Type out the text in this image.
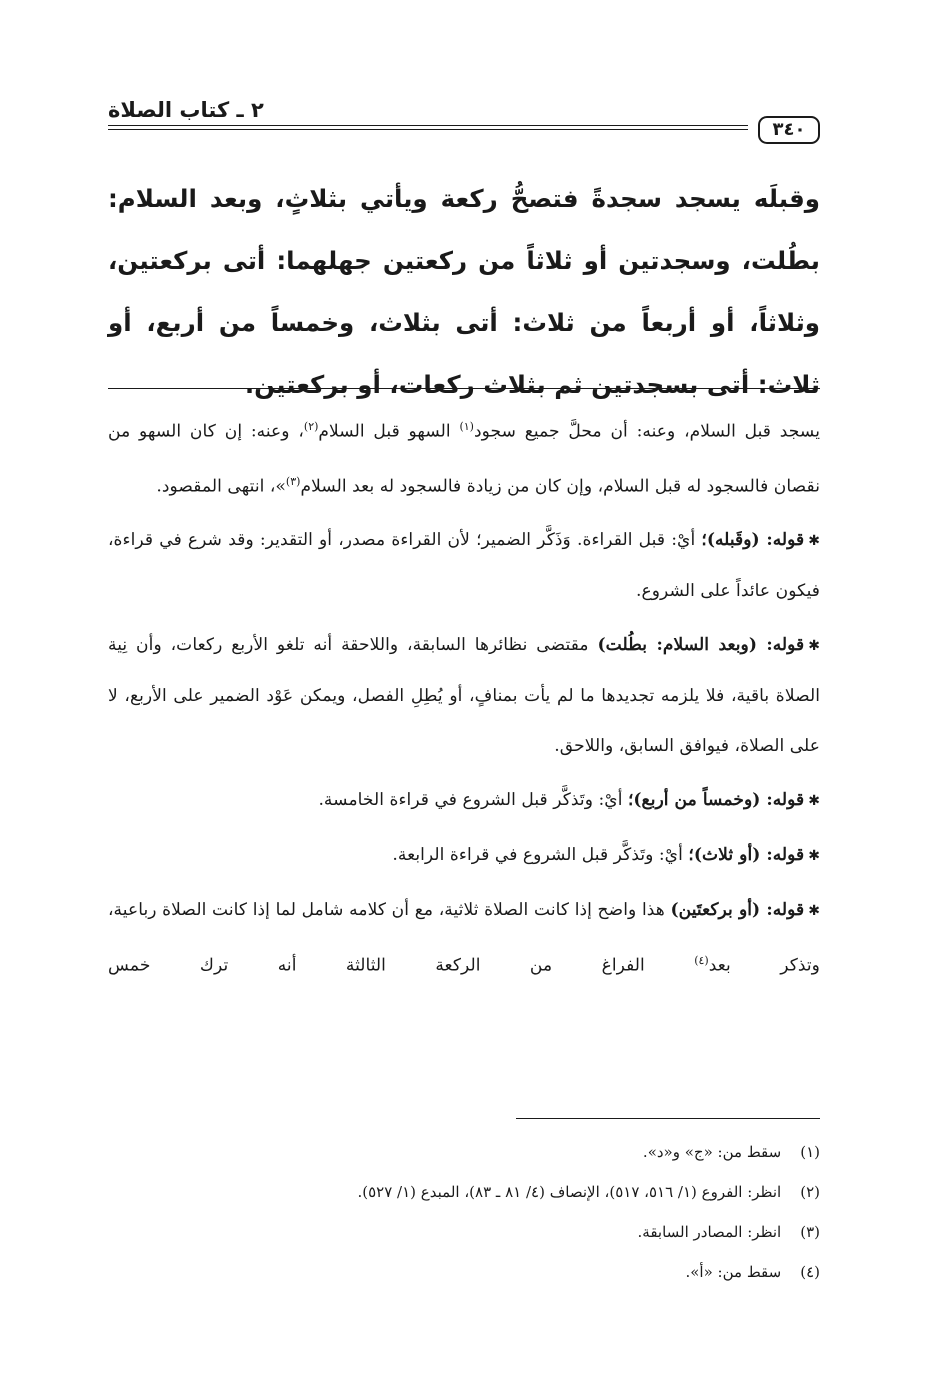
٢ ـ كتاب الصلاة
٣٤٠

وقبلَه يسجد سجدةً فتصحُّ ركعة ويأتي بثلاثٍ، وبعد السلام: بطُلت، وسجدتين أو ثلاثاً من ركعتين جهلهما: أتى بركعتين، وثلاثاً، أو أربعاً من ثلاث: أتى بثلاث، وخمساً من أربع، أو ثلاث: أتى بسجدتين ثم بثلاث ركعات، أو بركعتين.

يسجد قبل السلام، وعنه: أن محلَّ جميع سجود$^{(١)}$ السهو قبل السلام$^{(٢)}$، وعنه: إن كان السهو من نقصان فالسجود له قبل السلام، وإن كان من زيادة فالسجود له بعد السلام$^{(٣)}$»، انتهى المقصود.

✱قوله: (وقَبله)؛ أيْ: قبل القراءة. وَذَكَّر الضمير؛ لأن القراءة مصدر، أو التقدير: وقد شرع في قراءة، فيكون عائداً على الشروع.

✱قوله: (وبعد السلام: بطُلت) مقتضى نظائرها السابقة، واللاحقة أنه تلغو الأربع ركعات، وأن نِية الصلاة باقية، فلا يلزمه تجديدها ما لم يأت بمنافٍ، أو يُطِلِ الفصل، ويمكن عَوْد الضمير على الأربع، لا على الصلاة، فيوافق السابق، واللاحق.

✱قوله: (وخمساً من أربع)؛ أيْ: وتَذكَّر قبل الشروع في قراءة الخامسة.

✱قوله: (أو ثلاث)؛ أيْ: وتَذكَّر قبل الشروع في قراءة الرابعة.

✱قوله: (أو بركعتَين) هذا واضح إذا كانت الصلاة ثلاثية، مع أن كلامه شامل لما إذا كانت الصلاة رباعية، وتذكر بعد$^{(٤)}$ الفراغ من الركعة الثالثة أنه ترك خمس

(١) سقط من: «ج» و«د».
(٢) انظر: الفروع (١/ ٥١٦، ٥١٧)، الإنصاف (٤/ ٨١ ـ ٨٣)، المبدع (١/ ٥٢٧).
(٣) انظر: المصادر السابقة.
(٤) سقط من: «أ».
